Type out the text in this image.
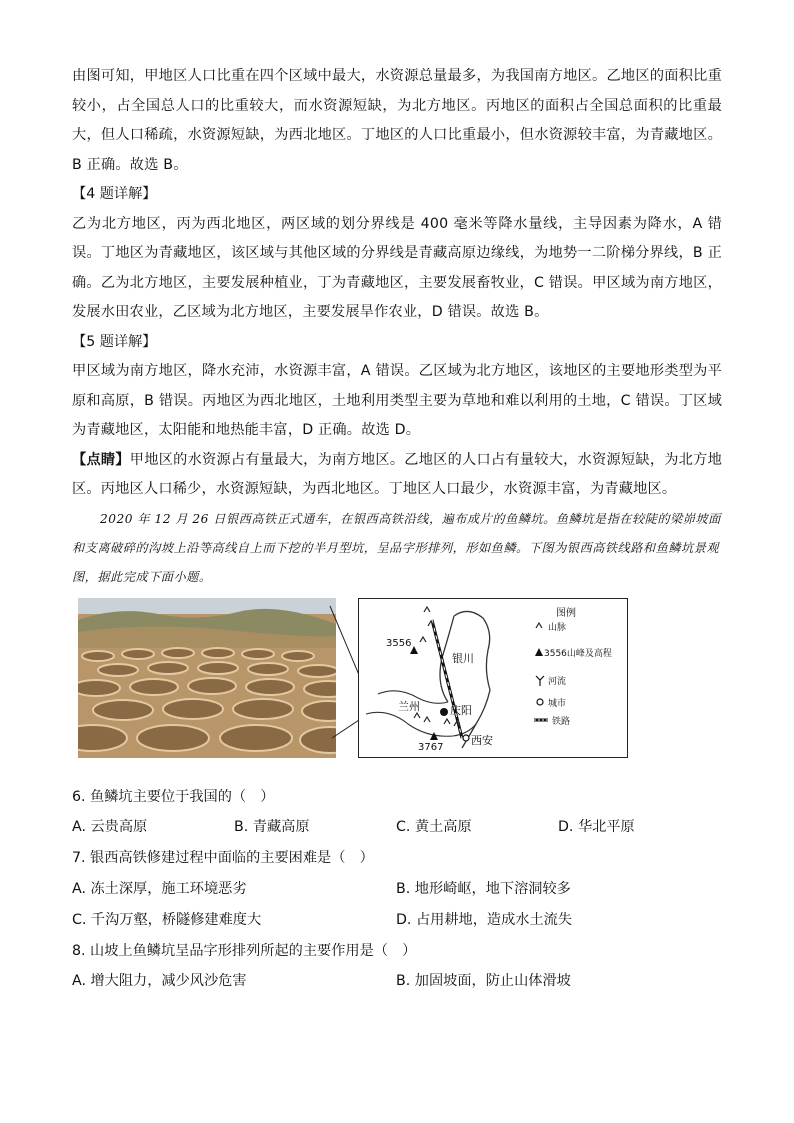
由图可知，甲地区人口比重在四个区域中最大，水资源总量最多，为我国南方地区。乙地区的面积比重较小，占全国总人口的比重较大，而水资源短缺，为北方地区。丙地区的面积占全国总面积的比重最大，但人口稀疏，水资源短缺，为西北地区。丁地区的人口比重最小，但水资源较丰富，为青藏地区。B 正确。故选 B。

【4 题详解】

乙为北方地区，丙为西北地区，两区域的划分界线是 400 毫米等降水量线，主导因素为降水，A 错误。丁地区为青藏地区，该区域与其他区域的分界线是青藏高原边缘线，为地势一二阶梯分界线，B 正确。乙为北方地区，主要发展种植业，丁为青藏地区，主要发展畜牧业，C 错误。甲区域为南方地区，发展水田农业，乙区域为北方地区，主要发展旱作农业，D 错误。故选 B。

【5 题详解】

甲区域为南方地区，降水充沛，水资源丰富，A 错误。乙区域为北方地区，该地区的主要地形类型为平原和高原，B 错误。丙地区为西北地区，土地利用类型主要为草地和难以利用的土地，C 错误。丁区域为青藏地区，太阳能和地热能丰富，D 正确。故选 D。

【点睛】甲地区的水资源占有量最大，为南方地区。乙地区的人口占有量较大，水资源短缺，为北方地区。丙地区人口稀少，水资源短缺，为西北地区。丁地区人口最少，水资源丰富，为青藏地区。

2020 年 12 月 26 日银西高铁正式通车，在银西高铁沿线，遍布成片的鱼鳞坑。鱼鳞坑是指在较陡的梁峁坡面和支离破碎的沟坡上沿等高线自上而下挖的半月型坑，呈品字形排列，形如鱼鳞。下图为银西高铁线路和鱼鳞坑景观图，据此完成下面小题。

3556
3767
银川
兰州	庆阳
西安
图例
山脉
3556山峰及高程
河流
城市
铁路

6. 鱼鳞坑主要位于我国的（　）

A. 云贵高原	B. 青藏高原	C. 黄土高原	D. 华北平原

7. 银西高铁修建过程中面临的主要困难是（　）

A. 冻土深厚，施工环境恶劣	B. 地形崎岖，地下溶洞较多
C. 千沟万壑，桥隧修建难度大	D. 占用耕地，造成水土流失

8. 山坡上鱼鳞坑呈品字形排列所起的主要作用是（　）

A. 增大阻力，减少风沙危害	B. 加固坡面，防止山体滑坡
